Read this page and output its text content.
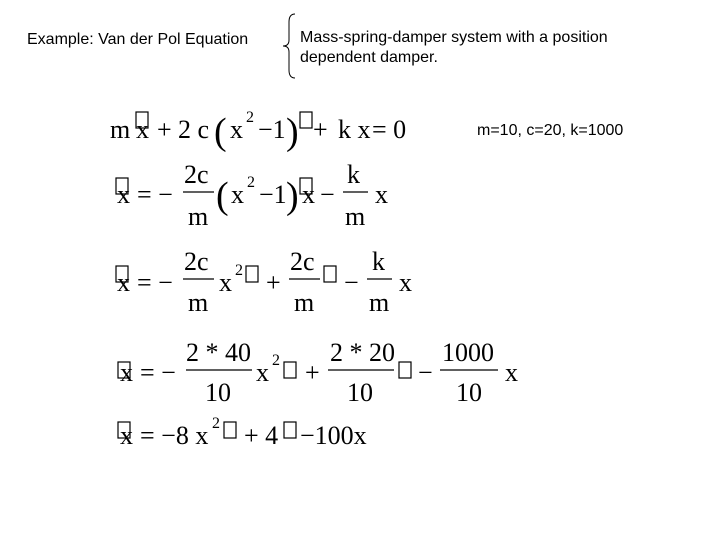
Example: Van der Pol Equation	Mass-spring-damper system with a position
dependent damper.
m=10, c=20, k=1000
m x + 2 c ( x 2 −1 ) + k x = 0
x = −
2c
m ( x 2 −1 ) x −
k
m
x
x = −
2c
m
x 2 +
2c
m
−
k
m
x
x = −
2 * 40
10
x 2 +
2 * 20
10
−
1000
10
x
x = −8 x 2 + 4 −100x
